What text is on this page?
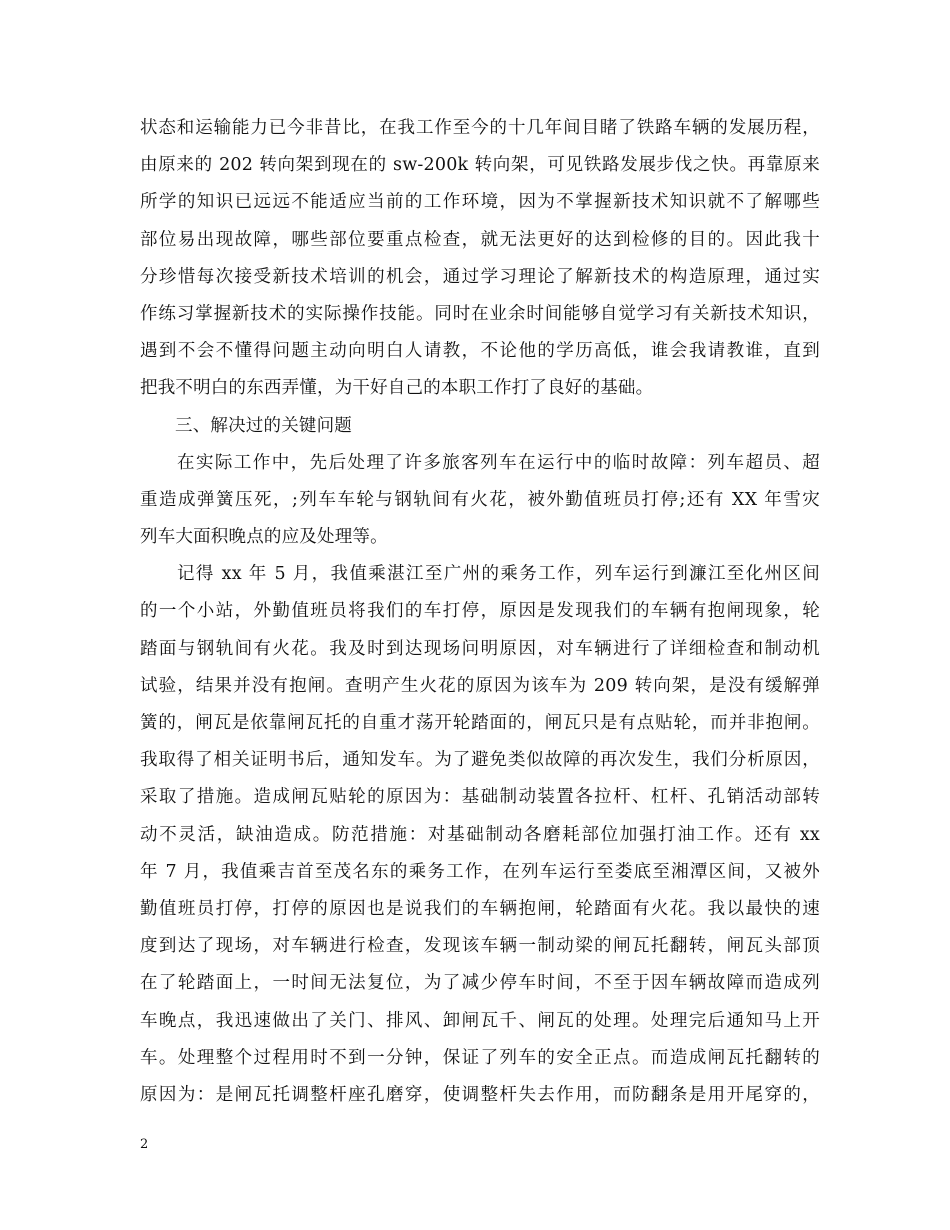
状态和运输能力已今非昔比，在我工作至今的十几年间目睹了铁路车辆的发展历程，
由原来的 202 转向架到现在的 sw-200k 转向架，可见铁路发展步伐之快。再靠原来
所学的知识已远远不能适应当前的工作环境，因为不掌握新技术知识就不了解哪些
部位易出现故障，哪些部位要重点检查，就无法更好的达到检修的目的。因此我十
分珍惜每次接受新技术培训的机会，通过学习理论了解新技术的构造原理，通过实
作练习掌握新技术的实际操作技能。同时在业余时间能够自觉学习有关新技术知识，
遇到不会不懂得问题主动向明白人请教，不论他的学历高低，谁会我请教谁，直到
把我不明白的东西弄懂，为干好自己的本职工作打了良好的基础。
三、解决过的关键问题
在实际工作中，先后处理了许多旅客列车在运行中的临时故障：列车超员、超
重造成弹簧压死，;列车车轮与钢轨间有火花，被外勤值班员打停;还有 XX 年雪灾
列车大面积晚点的应及处理等。
记得 xx 年 5 月，我值乘湛江至广州的乘务工作，列车运行到濂江至化州区间
的一个小站，外勤值班员将我们的车打停，原因是发现我们的车辆有抱闸现象，轮
踏面与钢轨间有火花。我及时到达现场问明原因，对车辆进行了详细检查和制动机
试验，结果并没有抱闸。查明产生火花的原因为该车为 209 转向架，是没有缓解弹
簧的，闸瓦是依靠闸瓦托的自重才荡开轮踏面的，闸瓦只是有点贴轮，而并非抱闸。
我取得了相关证明书后，通知发车。为了避免类似故障的再次发生，我们分析原因，
采取了措施。造成闸瓦贴轮的原因为：基础制动装置各拉杆、杠杆、孔销活动部转
动不灵活，缺油造成。防范措施：对基础制动各磨耗部位加强打油工作。还有 xx
年 7 月，我值乘吉首至茂名东的乘务工作，在列车运行至娄底至湘潭区间，又被外
勤值班员打停，打停的原因也是说我们的车辆抱闸，轮踏面有火花。我以最快的速
度到达了现场，对车辆进行检查，发现该车辆一制动梁的闸瓦托翻转，闸瓦头部顶
在了轮踏面上，一时间无法复位，为了减少停车时间，不至于因车辆故障而造成列
车晚点，我迅速做出了关门、排风、卸闸瓦千、闸瓦的处理。处理完后通知马上开
车。处理整个过程用时不到一分钟，保证了列车的安全正点。而造成闸瓦托翻转的
原因为：是闸瓦托调整杆座孔磨穿，使调整杆失去作用，而防翻条是用开尾穿的，
2
